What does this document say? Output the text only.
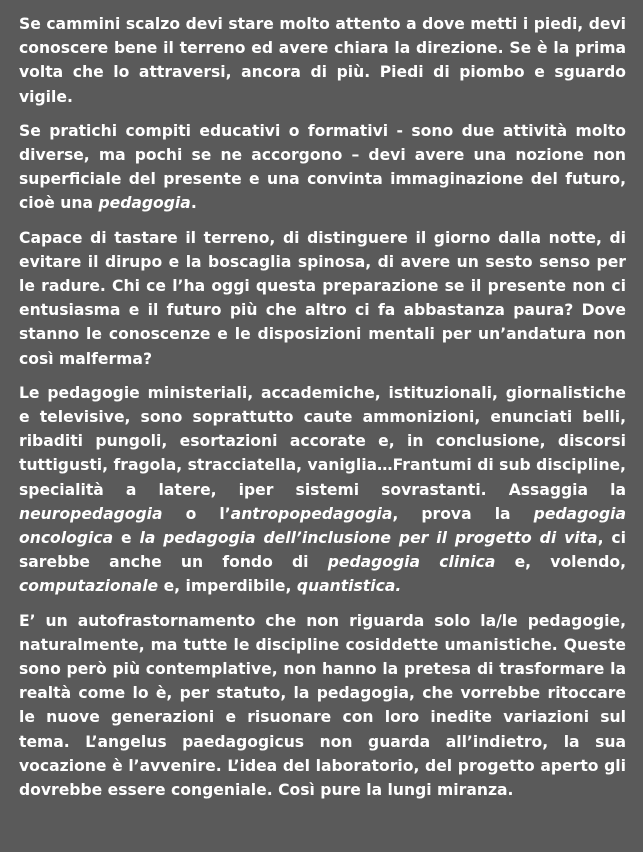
Se cammini scalzo devi stare molto attento a dove metti i piedi, devi conoscere bene il terreno ed avere chiara la direzione. Se è la prima volta che lo attraversi, ancora di più. Piedi di piombo e sguardo vigile.

Se pratichi compiti educativi o formativi - sono due attività molto diverse, ma pochi se ne accorgono – devi avere una nozione non superficiale del presente e una convinta immaginazione del futuro, cioè una pedagogia.

Capace di tastare il terreno, di distinguere il giorno dalla notte, di evitare il dirupo e la boscaglia spinosa, di avere un sesto senso per le radure. Chi ce l’ha oggi questa preparazione se il presente non ci entusiasma e il futuro più che altro ci fa abbastanza paura? Dove stanno le conoscenze e le disposizioni mentali per un’andatura non così malferma?

Le pedagogie ministeriali, accademiche, istituzionali, giornalistiche e televisive, sono soprattutto caute ammonizioni, enunciati belli, ribaditi pungoli, esortazioni accorate e, in conclusione, discorsi tuttigusti, fragola, stracciatella, vaniglia…Frantumi di sub discipline, specialità a latere, iper sistemi sovrastanti. Assaggia la neuropedagogia o l’antropopedagogia, prova la pedagogia oncologica e la pedagogia dell’inclusione per il progetto di vita, ci sarebbe anche un fondo di pedagogia clinica e, volendo, computazionale e, imperdibile, quantistica.

E’ un autofrastornamento che non riguarda solo la/le pedagogie, naturalmente, ma tutte le discipline cosiddette umanistiche. Queste sono però più contemplative, non hanno la pretesa di trasformare la realtà come lo è, per statuto, la pedagogia, che vorrebbe ritoccare le nuove generazioni e risuonare con loro inedite variazioni sul tema. L’angelus paedagogicus non guarda all’indietro, la sua vocazione è l’avvenire. L’idea del laboratorio, del progetto aperto gli dovrebbe essere congeniale. Così pure la lungi miranza.
